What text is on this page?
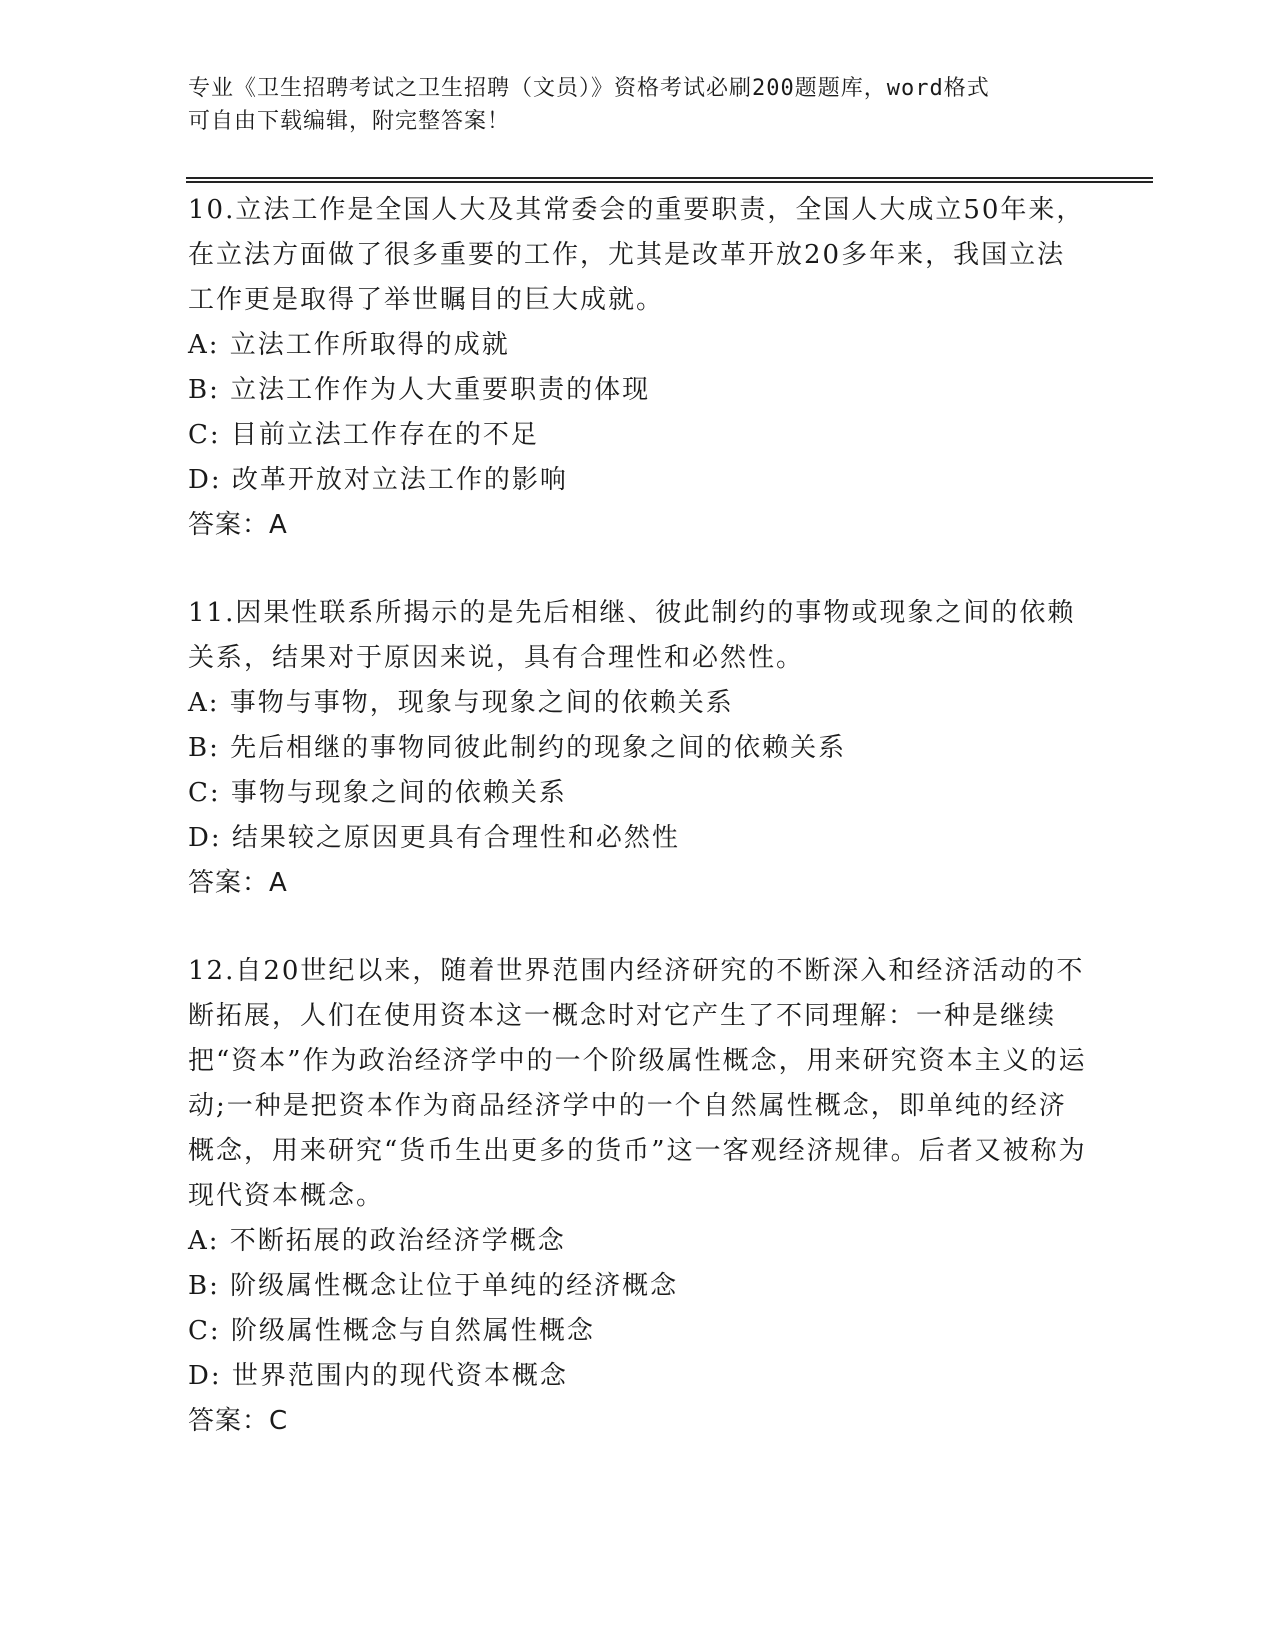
专业《卫生招聘考试之卫生招聘（文员）》资格考试必刷200题题库，word格式
可自由下载编辑，附完整答案！

10.立法工作是全国人大及其常委会的重要职责，全国人大成立50年来，在立法方面做了很多重要的工作，尤其是改革开放20多年来，我国立法工作更是取得了举世瞩目的巨大成就。

A: 立法工作所取得的成就

B: 立法工作作为人大重要职责的体现

C: 目前立法工作存在的不足

D: 改革开放对立法工作的影响

答案：A

11.因果性联系所揭示的是先后相继、彼此制约的事物或现象之间的依赖关系，结果对于原因来说，具有合理性和必然性。

A: 事物与事物，现象与现象之间的依赖关系

B: 先后相继的事物同彼此制约的现象之间的依赖关系

C: 事物与现象之间的依赖关系

D: 结果较之原因更具有合理性和必然性

答案：A

12.自20世纪以来，随着世界范围内经济研究的不断深入和经济活动的不断拓展，人们在使用资本这一概念时对它产生了不同理解：一种是继续把“资本”作为政治经济学中的一个阶级属性概念，用来研究资本主义的运动;一种是把资本作为商品经济学中的一个自然属性概念，即单纯的经济概念，用来研究“货币生出更多的货币”这一客观经济规律。后者又被称为现代资本概念。

A: 不断拓展的政治经济学概念

B: 阶级属性概念让位于单纯的经济概念

C: 阶级属性概念与自然属性概念

D: 世界范围内的现代资本概念

答案：C
